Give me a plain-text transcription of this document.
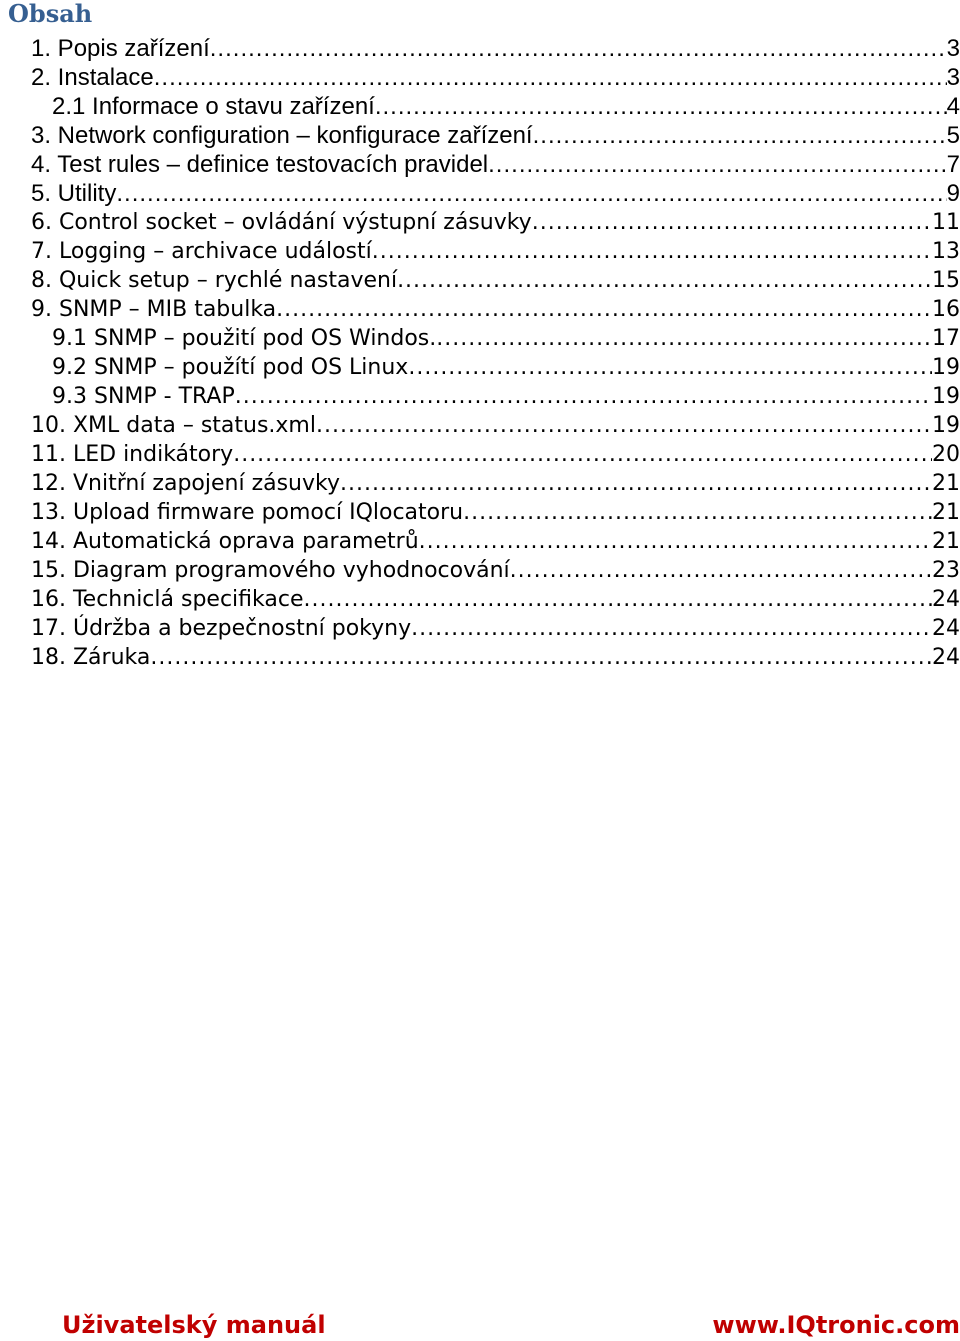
Obsah
1. Popis zařízení .....	3
2. Instalace .....	3
2.1 Informace o stavu zařízení .....	4
3. Network configuration – konfigurace zařízení .....	5
4. Test rules – definice testovacích pravidel .....	7
5. Utility .....	9
6. Control socket – ovládání výstupní zásuvky .....	11
7. Logging – archivace událostí .....	13
8. Quick setup – rychlé nastavení .....	15
9. SNMP – MIB tabulka .....	16
9.1 SNMP – použití pod OS Windos. .....	17
9.2 SNMP – použítí pod OS Linux .....	19
9.3 SNMP - TRAP .....	19
10. XML data – status.xml .....	19
11. LED indikátory .....	20
12. Vnitřní zapojení zásuvky .....	21
13. Upload firmware pomocí IQlocatoru .....	21
14. Automatická oprava parametrů .....	21
15. Diagram programového vyhodnocování .....	23
16. Techniclá specifikace .....	24
17. Údržba a bezpečnostní pokyny .....	24
18. Záruka .....	24
Uživatelský manuál	www.IQtronic.com
